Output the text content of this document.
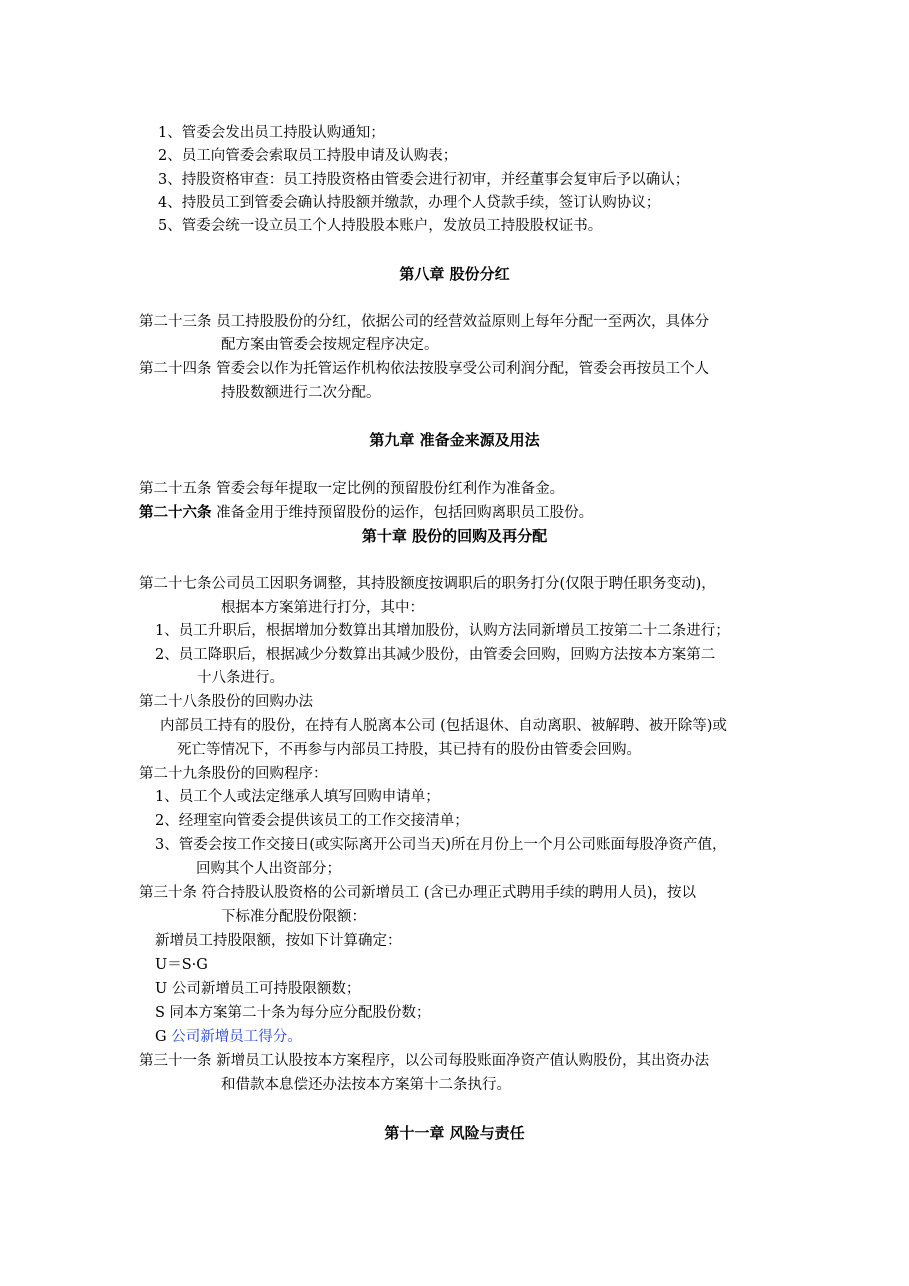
1、管委会发出员工持股认购通知；
2、员工向管委会索取员工持股申请及认购表；
3、持股资格审查：员工持股资格由管委会进行初审，并经董事会复审后予以确认；
4、持股员工到管委会确认持股额并缴款，办理个人贷款手续，签订认购协议；
5、管委会统一设立员工个人持股股本账户，发放员工持股股权证书。
第八章 股份分红
第二十三条 员工持股股份的分红，依据公司的经营效益原则上每年分配一至两次，具体分
配方案由管委会按规定程序决定。
第二十四条 管委会以作为托管运作机构依法按股享受公司利润分配，管委会再按员工个人
持股数额进行二次分配。
第九章 准备金来源及用法
第二十五条 管委会每年提取一定比例的预留股份红利作为准备金。
第二十六条 准备金用于维持预留股份的运作，包括回购离职员工股份。
第十章 股份的回购及再分配
第二十七条公司员工因职务调整，其持股额度按调职后的职务打分(仅限于聘任职务变动)，
根据本方案第进行打分，其中：
1、员工升职后，根据增加分数算出其增加股份，认购方法同新增员工按第二十二条进行；
2、员工降职后，根据减少分数算出其减少股份，由管委会回购，回购方法按本方案第二
十八条进行。
第二十八条股份的回购办法
内部员工持有的股份，在持有人脱离本公司 (包括退休、自动离职、被解聘、被开除等)或
死亡等情况下，不再参与内部员工持股，其已持有的股份由管委会回购。
第二十九条股份的回购程序：
1、员工个人或法定继承人填写回购申请单；
2、经理室向管委会提供该员工的工作交接清单；
3、管委会按工作交接日(或实际离开公司当天)所在月份上一个月公司账面每股净资产值，
回购其个人出资部分；
第三十条 符合持股认股资格的公司新增员工 (含已办理正式聘用手续的聘用人员)，按以
下标准分配股份限额：
新增员工持股限额，按如下计算确定：
U＝S·G
U 公司新增员工可持股限额数；
S 同本方案第二十条为每分应分配股份数；
G 公司新增员工得分。
第三十一条 新增员工认股按本方案程序，以公司每股账面净资产值认购股份，其出资办法
和借款本息偿还办法按本方案第十二条执行。
第十一章 风险与责任
